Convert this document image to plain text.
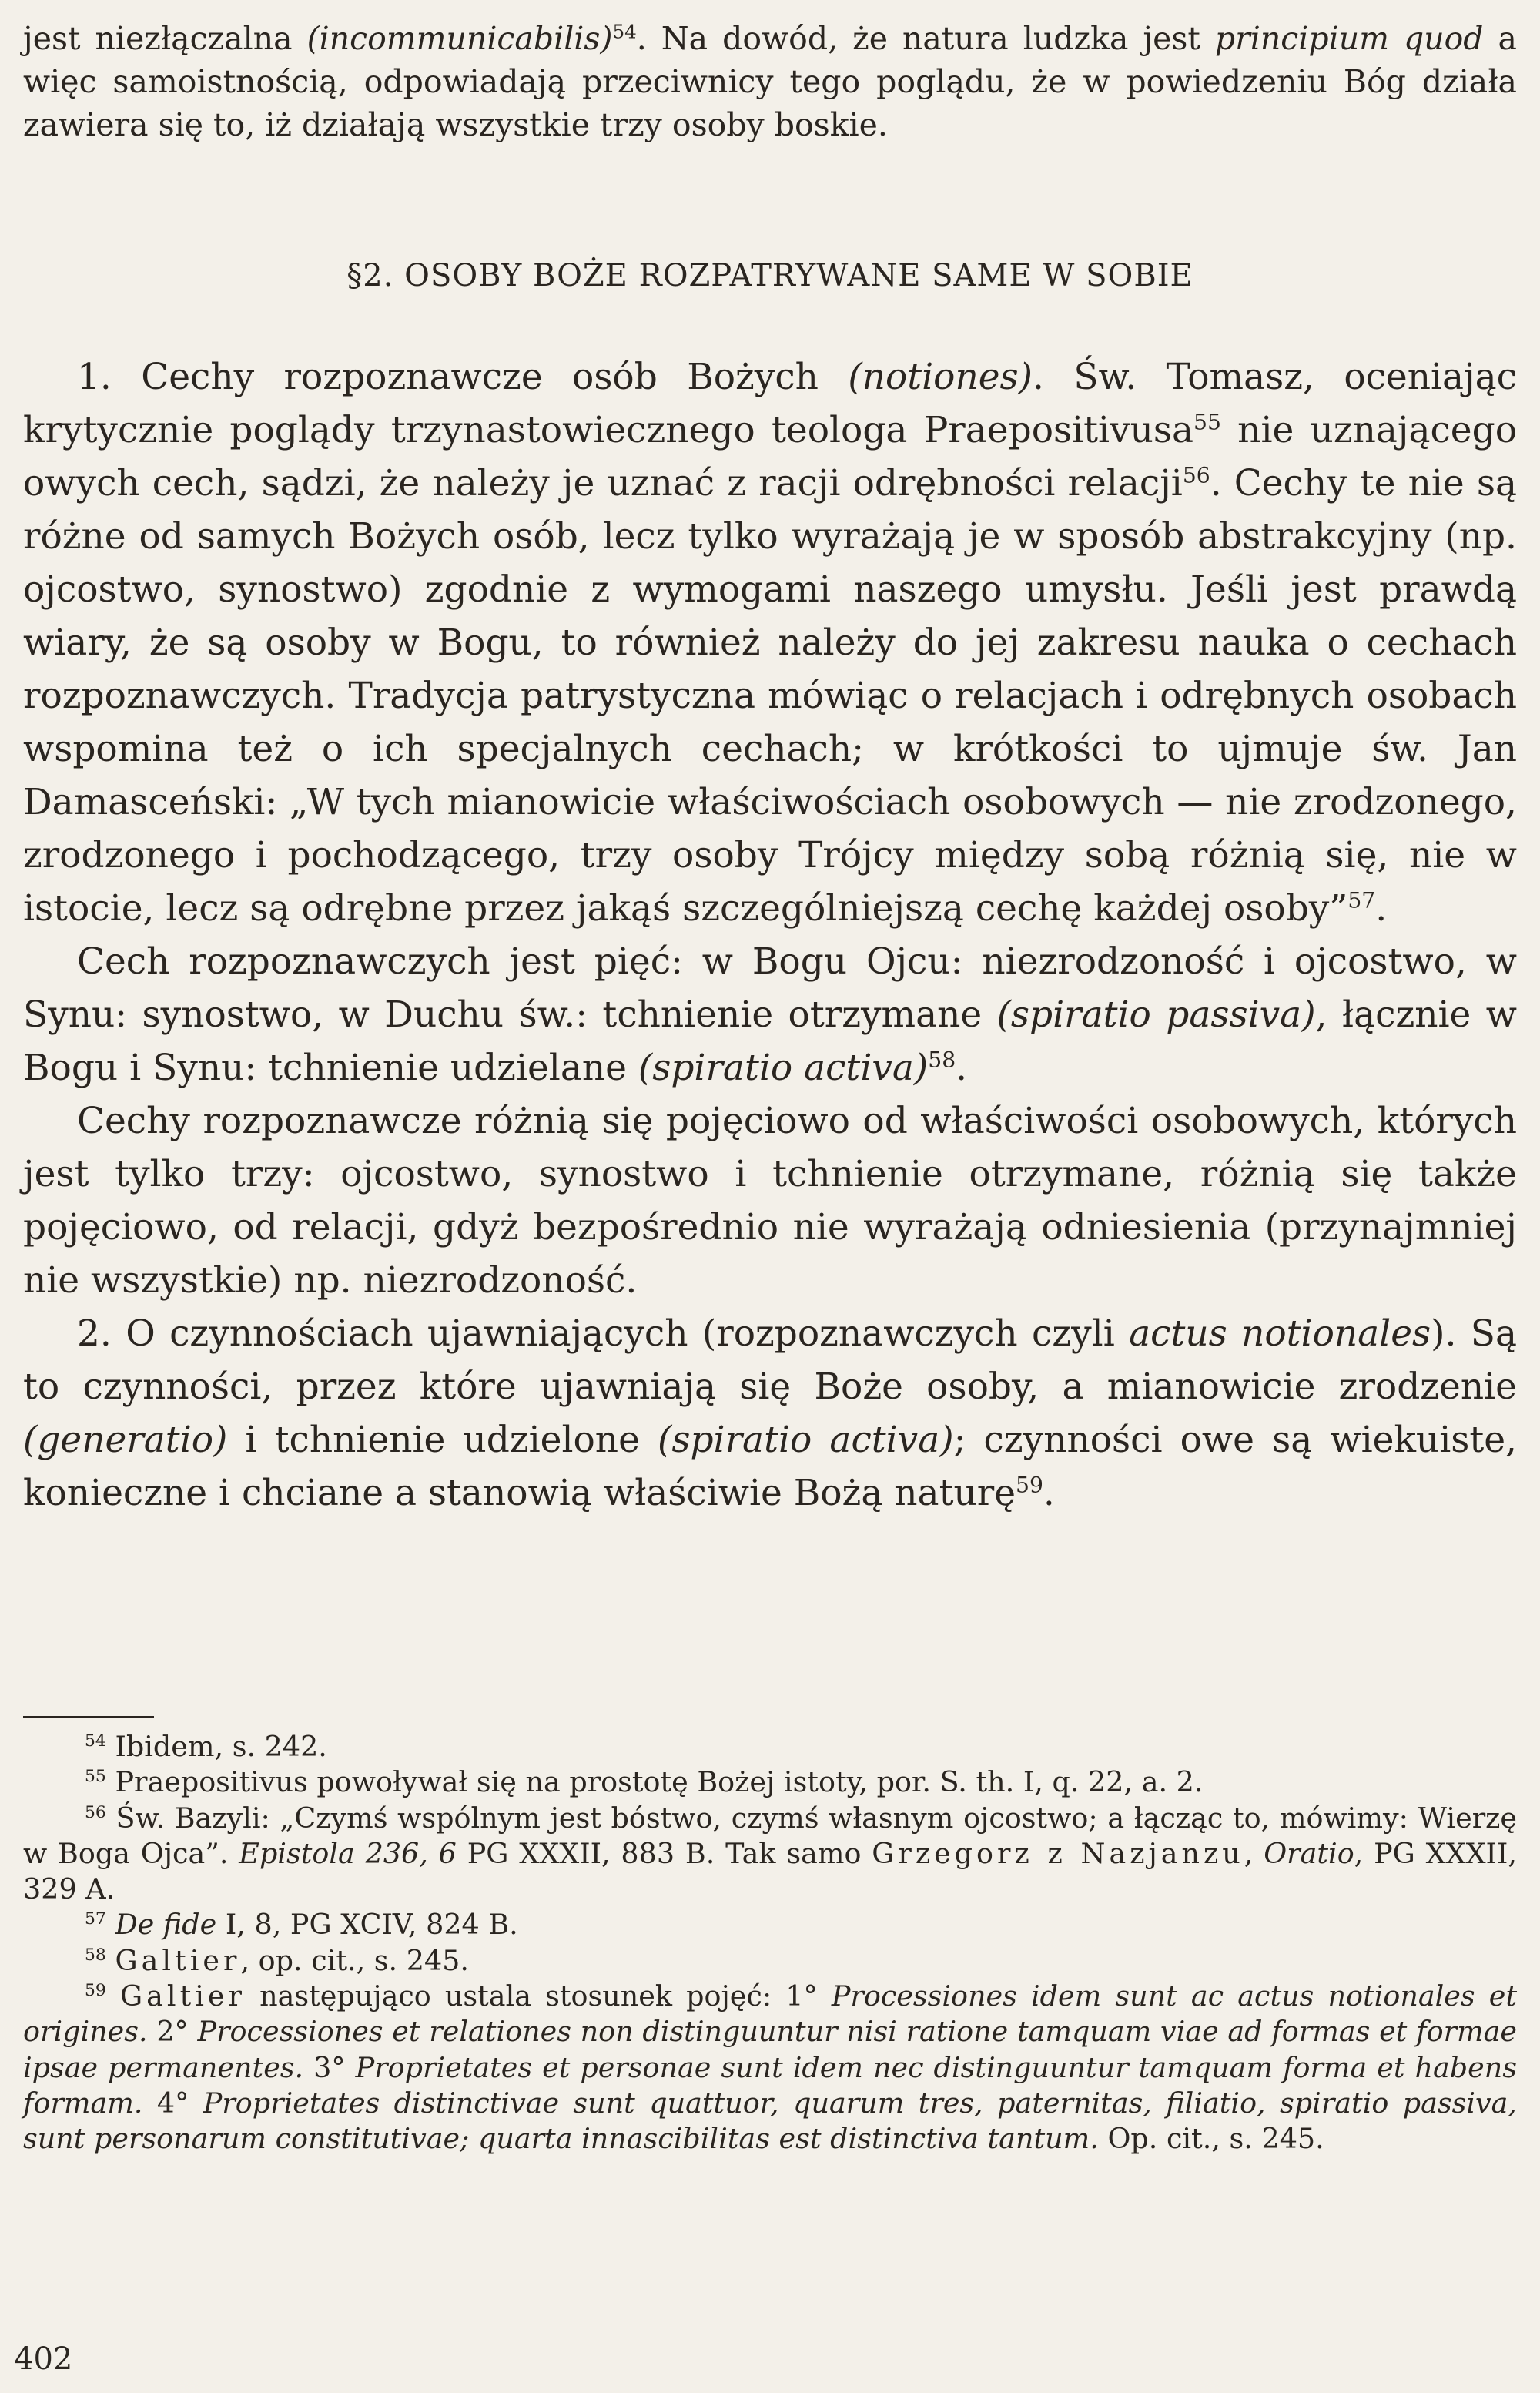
jest niezłączalna (incommunicabilis)$^{54}$. Na dowód, że natura ludzka jest principium quod a więc samoistnością, odpowiadają przeciwnicy tego poglądu, że w powiedzeniu Bóg działa zawiera się to, iż działają wszystkie trzy osoby boskie.
§2. OSOBY BOŻE ROZPATRYWANE SAME W SOBIE

1. Cechy rozpoznawcze osób Bożych (notiones). Św. Tomasz, oceniając krytycznie poglądy trzynastowiecznego teologa Praepositivusa$^{55}$ nie uznającego owych cech, sądzi, że należy je uznać z racji odrębności relacji$^{56}$. Cechy te nie są różne od samych Bożych osób, lecz tylko wyrażają je w sposób abstrakcyjny (np. ojcostwo, synostwo) zgodnie z wymogami naszego umysłu. Jeśli jest prawdą wiary, że są osoby w Bogu, to również należy do jej zakresu nauka o cechach rozpoznawczych. Tradycja patrystyczna mówiąc o relacjach i odrębnych osobach wspomina też o ich specjalnych cechach; w krótkości to ujmuje św. Jan Damasceński: „W tych mianowicie właściwościach osobowych — nie zrodzonego, zrodzonego i pochodzącego, trzy osoby Trójcy między sobą różnią się, nie w istocie, lecz są odrębne przez jakąś szczególniejszą cechę każdej osoby”$^{57}$.

Cech rozpoznawczych jest pięć: w Bogu Ojcu: niezrodzoność i ojcostwo, w Synu: synostwo, w Duchu św.: tchnienie otrzymane (spiratio passiva), łącznie w Bogu i Synu: tchnienie udzielane (spiratio activa)$^{58}$.

Cechy rozpoznawcze różnią się pojęciowo od właściwości osobowych, których jest tylko trzy: ojcostwo, synostwo i tchnienie otrzymane, różnią się także pojęciowo, od relacji, gdyż bezpośrednio nie wyrażają odniesienia (przynajmniej nie wszystkie) np. niezrodzoność.

2. O czynnościach ujawniających (rozpoznawczych czyli actus notionales). Są to czynności, przez które ujawniają się Boże osoby, a mianowicie zrodzenie (generatio) i tchnienie udzielone (spiratio activa); czynności owe są wiekuiste, konieczne i chciane a stanowią właściwie Bożą naturę$^{59}$.

$^{54}$ Ibidem, s. 242.

$^{55}$ Praepositivus powoływał się na prostotę Bożej istoty, por. S. th. I, q. 22, a. 2.

$^{56}$ Św. Bazyli: „Czymś wspólnym jest bóstwo, czymś własnym ojcostwo; a łącząc to, mówimy: Wierzę w Boga Ojca”. Epistola 236, 6 PG XXXII, 883 B. Tak samo Grzegorz z Nazjanzu, Oratio, PG XXXII, 329 A.

$^{57}$ De fide I, 8, PG XCIV, 824 B.

$^{58}$ Galtier, op. cit., s. 245.

$^{59}$ Galtier następująco ustala stosunek pojęć: 1° Processiones idem sunt ac actus notionales et origines. 2° Processiones et relationes non distinguuntur nisi ratione tamquam viae ad formas et formae ipsae permanentes. 3° Proprietates et personae sunt idem nec distinguuntur tamquam forma et habens formam. 4° Proprietates distinctivae sunt quattuor, quarum tres, paternitas, filiatio, spiratio passiva, sunt personarum constitutivae; quarta innascibilitas est distinctiva tantum. Op. cit., s. 245.

402
